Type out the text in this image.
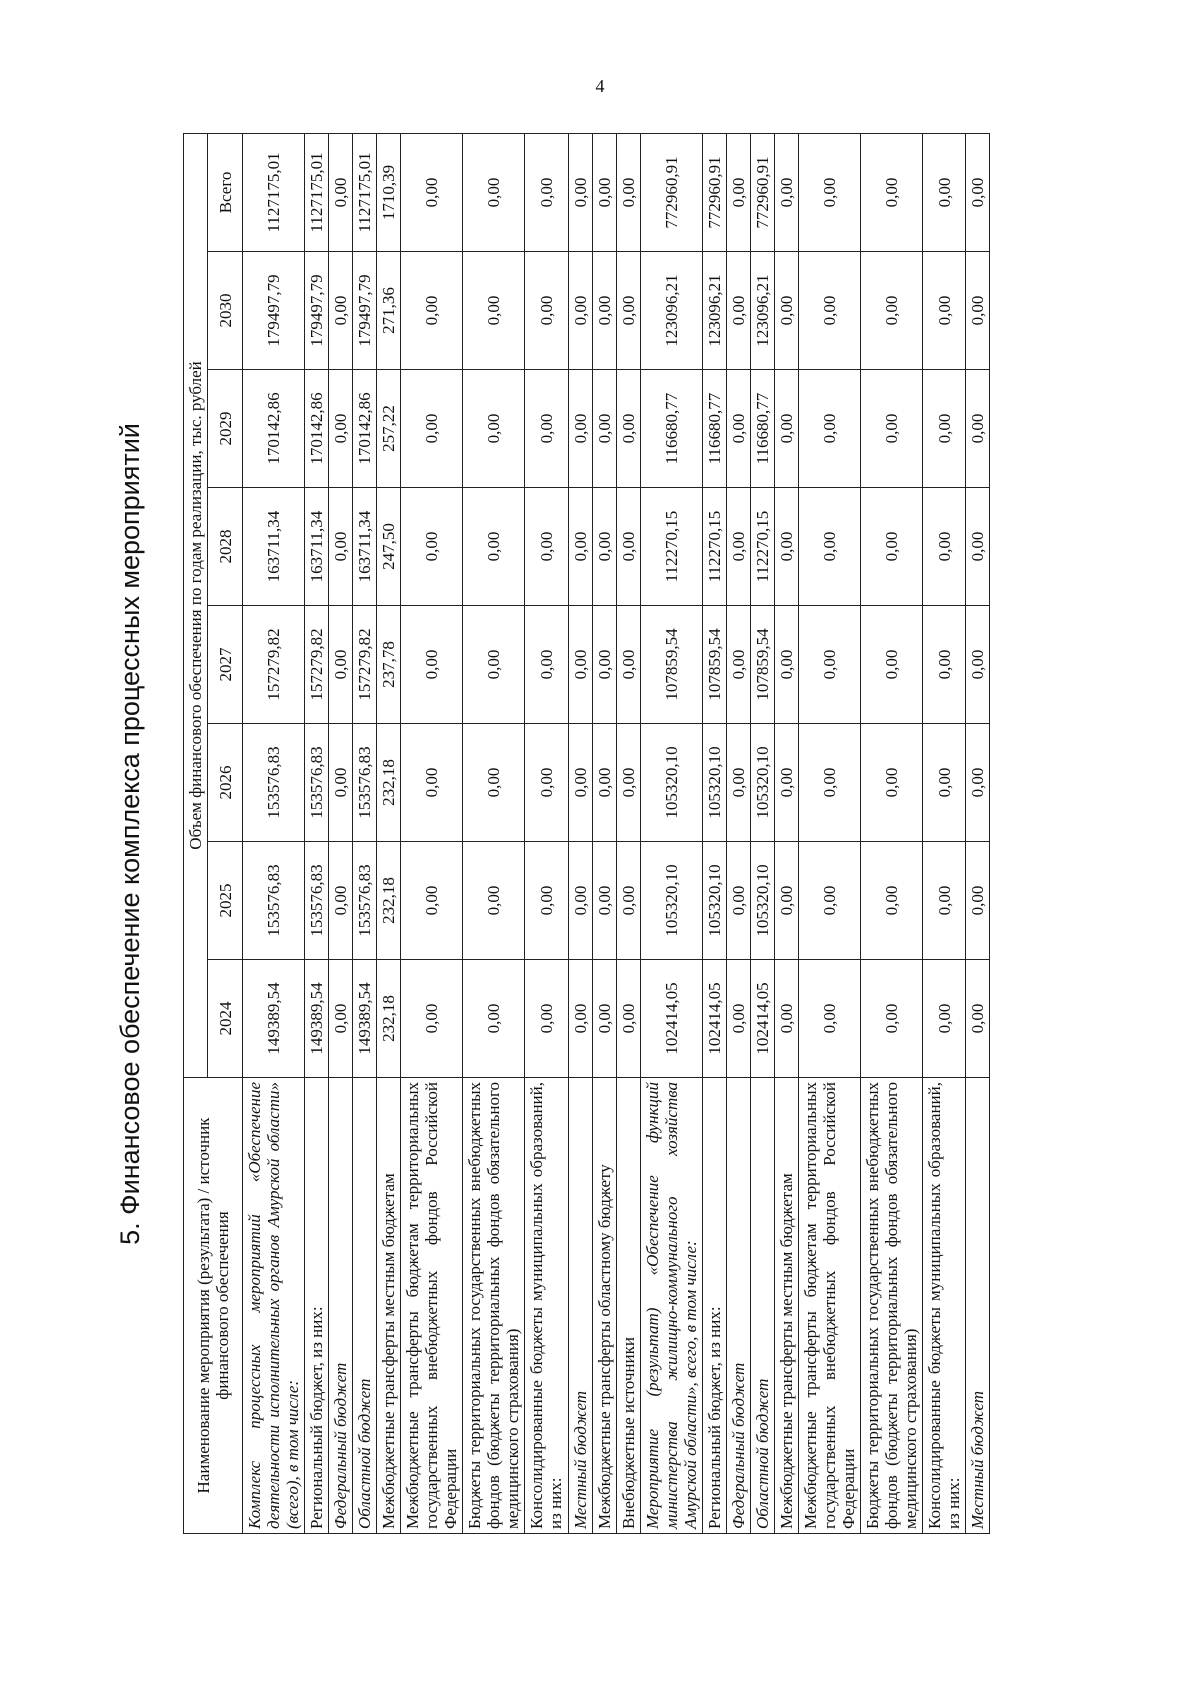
4
5. Финансовое обеспечение комплекса процессных мероприятий
Наименование мероприятия (результата) / источник финансового обеспечения	Объем финансового обеспечения по годам реализации, тыс. рублей							
	2024	2025	2026	2027	2028	2029	2030	Всего
Комплекс процессных мероприятий «Обеспечение деятельности исполнительных органов Амурской области» (всего), в том числе:	149389,54	153576,83	153576,83	157279,82	163711,34	170142,86	179497,79	1127175,01
Региональный бюджет, из них:	149389,54	153576,83	153576,83	157279,82	163711,34	170142,86	179497,79	1127175,01
Федеральный бюджет	0,00	0,00	0,00	0,00	0,00	0,00	0,00	0,00
Областной бюджет	149389,54	153576,83	153576,83	157279,82	163711,34	170142,86	179497,79	1127175,01
Межбюджетные трансферты местным бюджетам	232,18	232,18	232,18	237,78	247,50	257,22	271,36	1710,39
Межбюджетные трансферты бюджетам территориальных государственных внебюджетных фондов Российской Федерации	0,00	0,00	0,00	0,00	0,00	0,00	0,00	0,00
Бюджеты территориальных государственных внебюджетных фондов (бюджеты территориальных фондов обязательного медицинского страхования)	0,00	0,00	0,00	0,00	0,00	0,00	0,00	0,00
Консолидированные бюджеты муниципальных образований, из них:	0,00	0,00	0,00	0,00	0,00	0,00	0,00	0,00
Местный бюджет	0,00	0,00	0,00	0,00	0,00	0,00	0,00	0,00
Межбюджетные трансферты областному бюджету	0,00	0,00	0,00	0,00	0,00	0,00	0,00	0,00
Внебюджетные источники	0,00	0,00	0,00	0,00	0,00	0,00	0,00	0,00
Мероприятие (результат) «Обеспечение функций министерства жилищно-коммунального хозяйства Амурской области», всего, в том числе:	102414,05	105320,10	105320,10	107859,54	112270,15	116680,77	123096,21	772960,91
Региональный бюджет, из них:	102414,05	105320,10	105320,10	107859,54	112270,15	116680,77	123096,21	772960,91
Федеральный бюджет	0,00	0,00	0,00	0,00	0,00	0,00	0,00	0,00
Областной бюджет	102414,05	105320,10	105320,10	107859,54	112270,15	116680,77	123096,21	772960,91
Межбюджетные трансферты местным бюджетам	0,00	0,00	0,00	0,00	0,00	0,00	0,00	0,00
Межбюджетные трансферты бюджетам территориальных государственных внебюджетных фондов Российской Федерации	0,00	0,00	0,00	0,00	0,00	0,00	0,00	0,00
Бюджеты территориальных государственных внебюджетных фондов (бюджеты территориальных фондов обязательного медицинского страхования)	0,00	0,00	0,00	0,00	0,00	0,00	0,00	0,00
Консолидированные бюджеты муниципальных образований, из них:	0,00	0,00	0,00	0,00	0,00	0,00	0,00	0,00
Местный бюджет	0,00	0,00	0,00	0,00	0,00	0,00	0,00	0,00
